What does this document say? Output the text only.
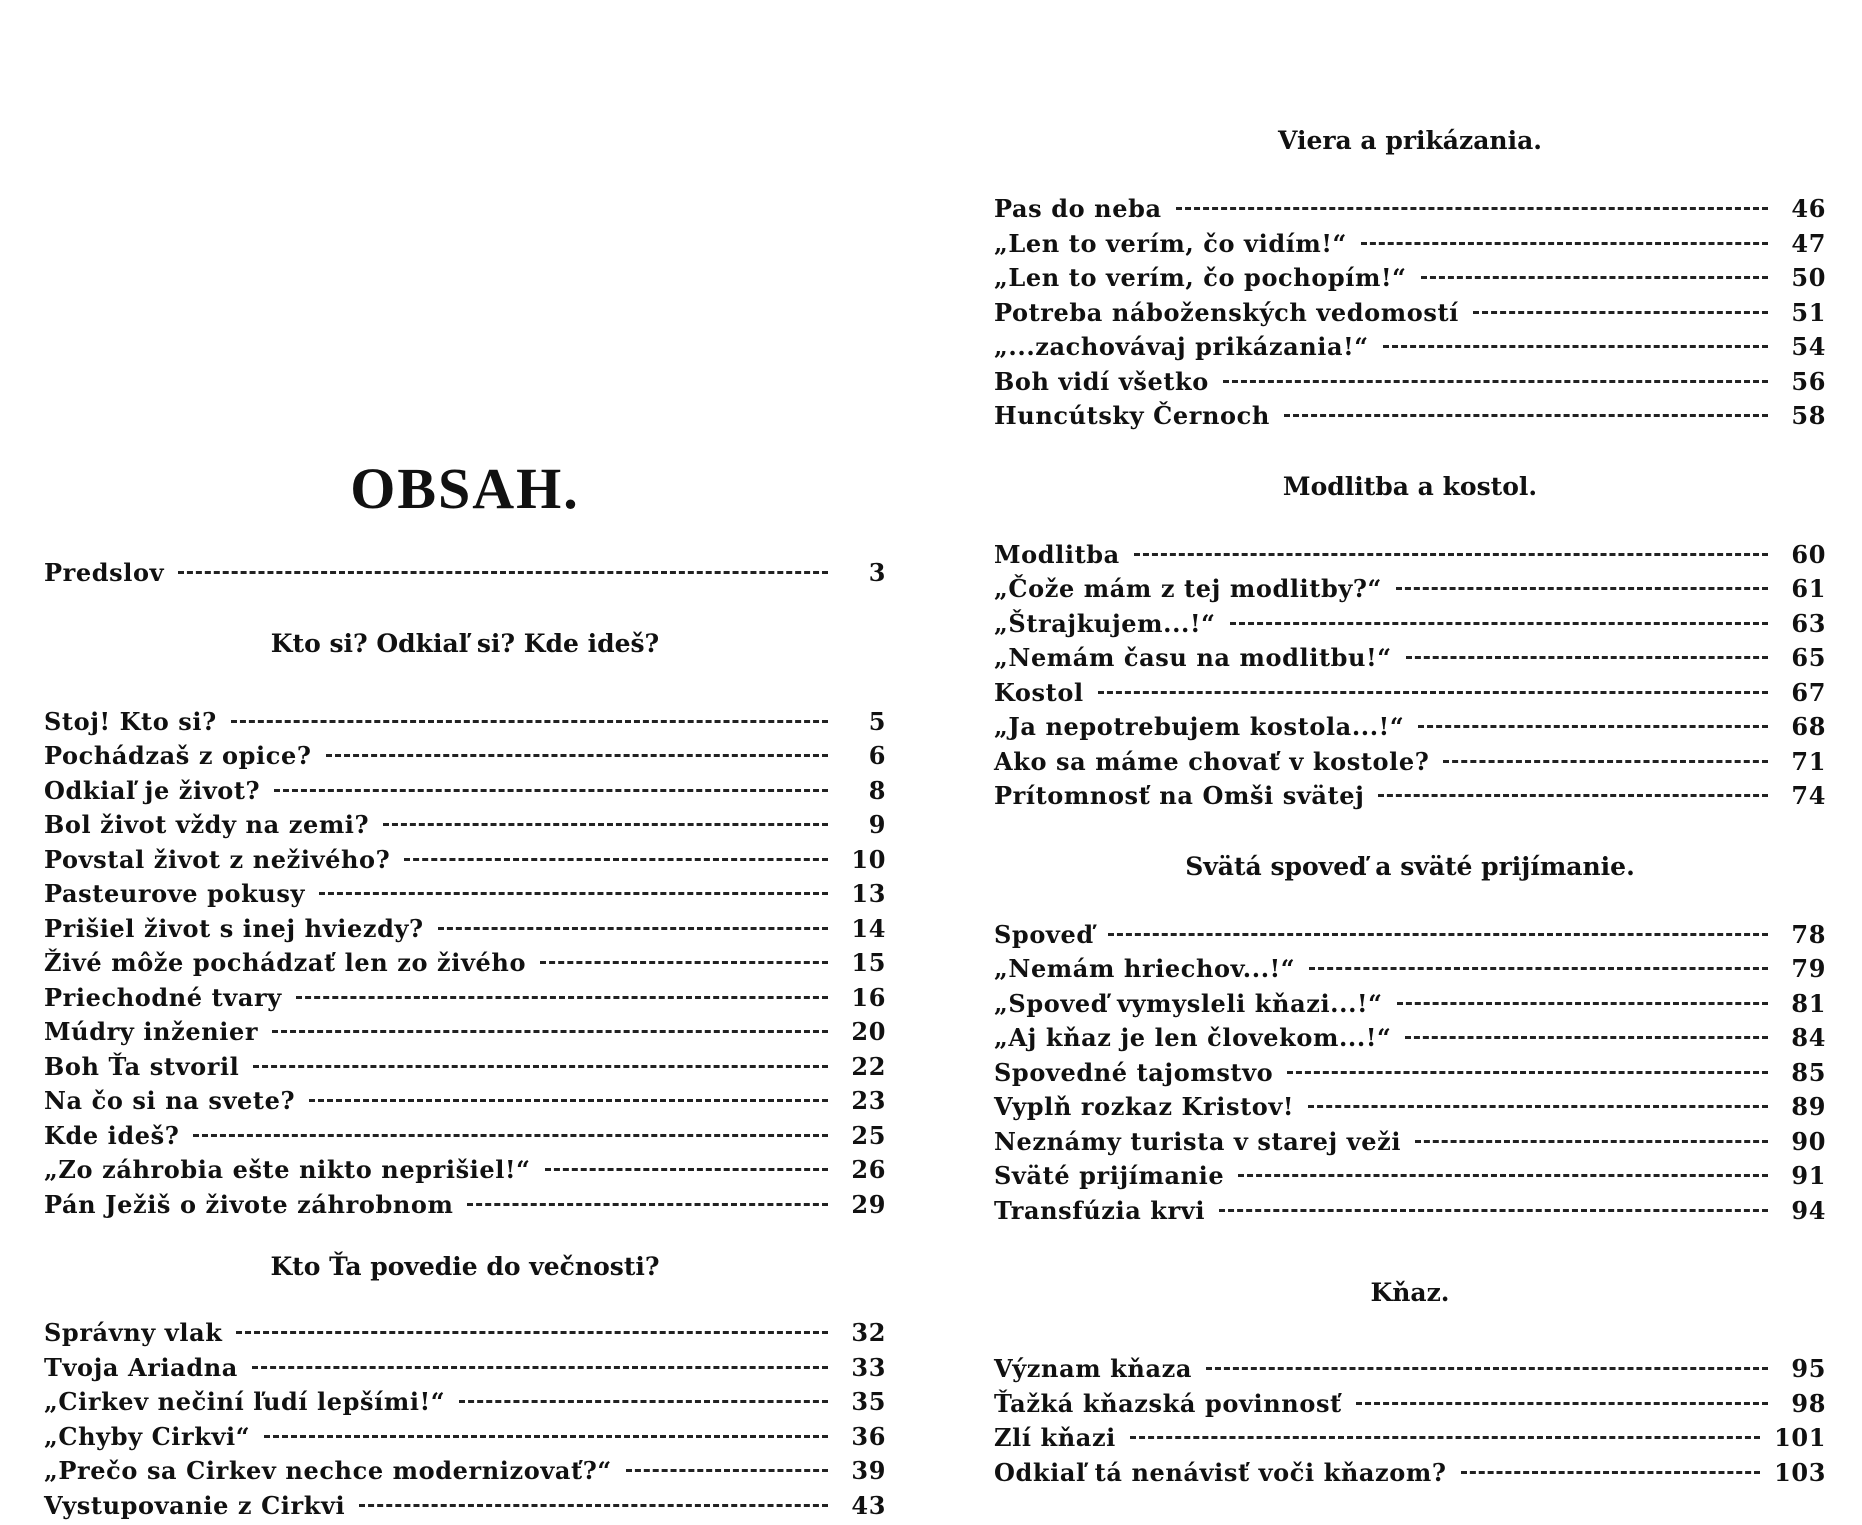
OBSAH.
Predslov	3
Kto si? Odkiaľ si? Kde ideš?
Stoj! Kto si?	5
Pochádzaš z opice?	6
Odkiaľ je život?	8
Bol život vždy na zemi?	9
Povstal život z neživého?	10
Pasteurove pokusy	13
Prišiel život s inej hviezdy?	14
Živé môže pochádzať len zo živého	15
Priechodné tvary	16
Múdry inženier	20
Boh Ťa stvoril	22
Na čo si na svete?	23
Kde ideš?	25
„Zo záhrobia ešte nikto neprišiel!“	26
Pán Ježiš o živote záhrobnom	29
Kto Ťa povedie do večnosti?
Správny vlak	32
Tvoja Ariadna	33
„Cirkev nečiní ľudí lepšími!“	35
„Chyby Cirkvi“	36
„Prečo sa Cirkev nechce modernizovať?“	39
Vystupovanie z Cirkvi	43
Viera a prikázania.
Pas do neba	46
„Len to verím, čo vidím!“	47
„Len to verím, čo pochopím!“	50
Potreba náboženských vedomostí	51
„...zachovávaj prikázania!“	54
Boh vidí všetko	56
Huncútsky Černoch	58
Modlitba a kostol.
Modlitba	60
„Čože mám z tej modlitby?“	61
„Štrajkujem...!“	63
„Nemám času na modlitbu!“	65
Kostol	67
„Ja nepotrebujem kostola...!“	68
Ako sa máme chovať v kostole?	71
Prítomnosť na Omši svätej	74
Svätá spoveď a sväté prijímanie.
Spoveď	78
„Nemám hriechov...!“	79
„Spoveď vymysleli kňazi...!“	81
„Aj kňaz je len človekom...!“	84
Spovedné tajomstvo	85
Vyplň rozkaz Kristov!	89
Neznámy turista v starej veži	90
Sväté prijímanie	91
Transfúzia krvi	94
Kňaz.
Význam kňaza	95
Ťažká kňazská povinnosť	98
Zlí kňazi	101
Odkiaľ tá nenávisť voči kňazom?	103
